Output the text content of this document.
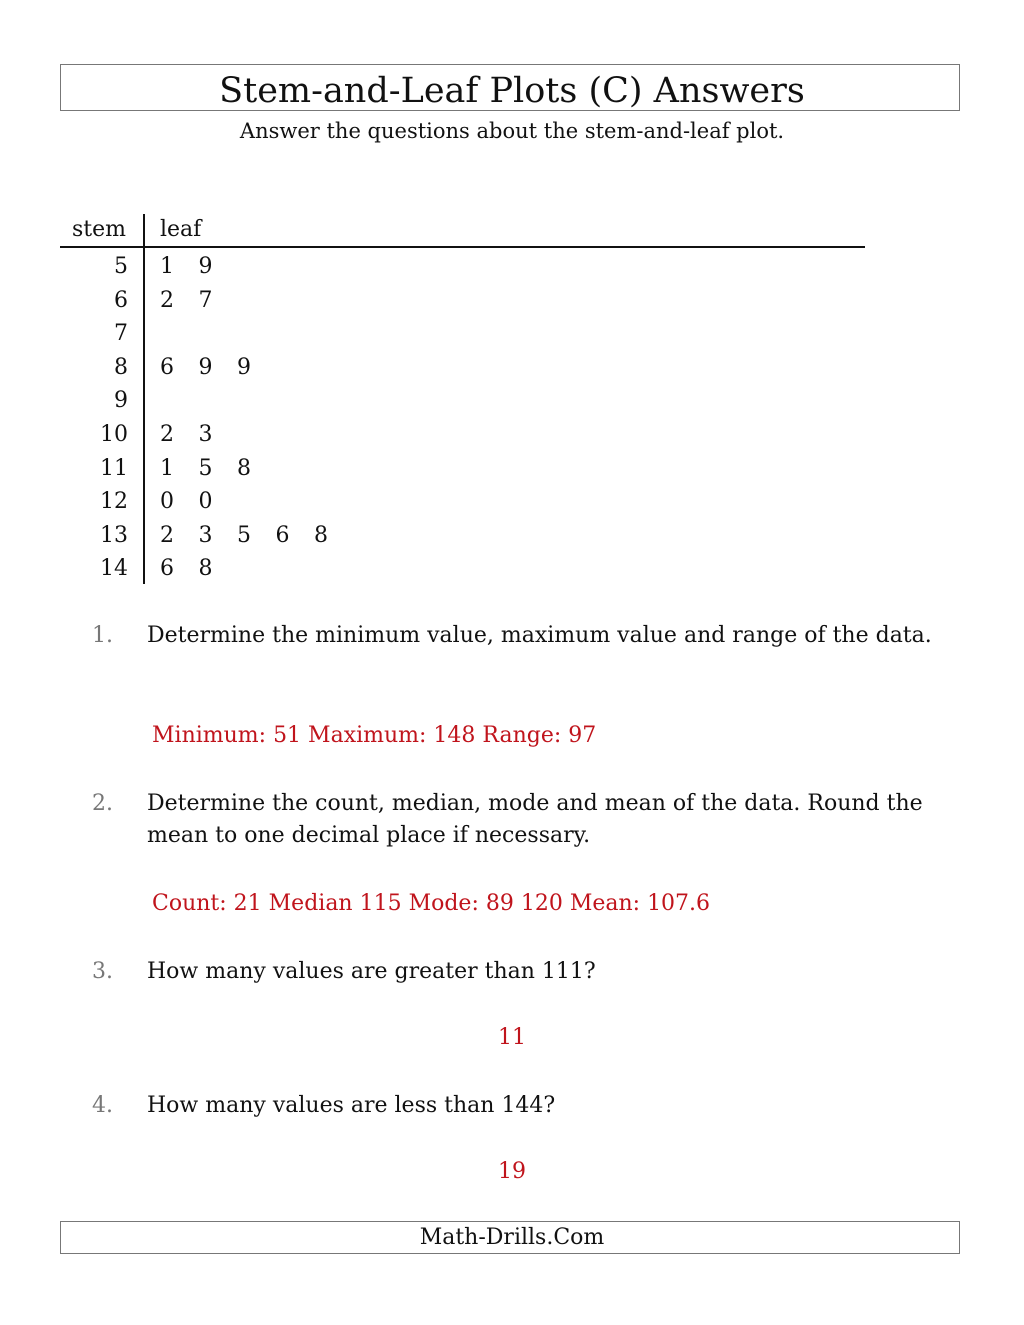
Stem-and-Leaf Plots (C) Answers
Answer the questions about the stem-and-leaf plot.
stem leaf
5 1 9
6 2 7
7
8 6 9 9
9
10 2 3
11 1 5 8
12 0 0
13 2 3 5 6 8
14 6 8
1. Determine the minimum value, maximum value and range of the data.
Minimum: 51 Maximum: 148 Range: 97
2. Determine the count, median, mode and mean of the data. Round the mean to one decimal place if necessary.
Count: 21 Median 115 Mode: 89 120 Mean: 107.6
3. How many values are greater than 111?
11
4. How many values are less than 144?
19
Math-Drills.Com
